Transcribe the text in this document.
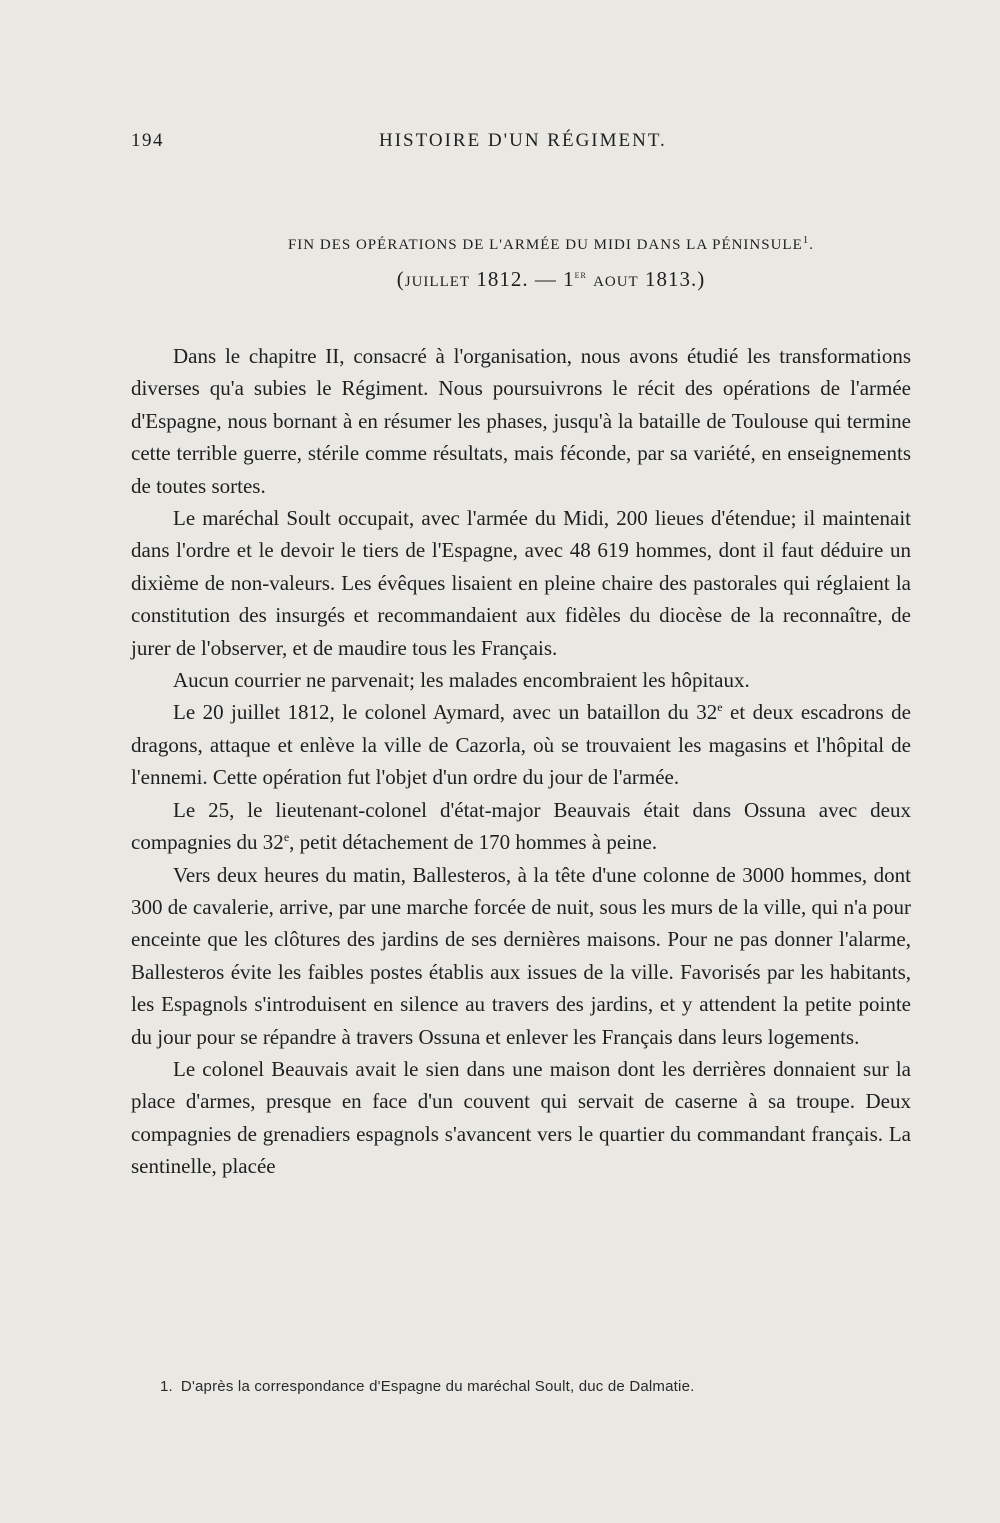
194	HISTOIRE D'UN RÉGIMENT.
FIN DES OPÉRATIONS DE L'ARMÉE DU MIDI DANS LA PÉNINSULE$^1$.
(juillet 1812. — 1er aout 1813.)

Dans le chapitre II, consacré à l'organisation, nous avons étudié les transformations diverses qu'a subies le Régiment. Nous poursuivrons le récit des opérations de l'armée d'Espagne, nous bornant à en résumer les phases, jusqu'à la bataille de Toulouse qui termine cette terrible guerre, stérile comme résultats, mais féconde, par sa variété, en enseignements de toutes sortes.

Le maréchal Soult occupait, avec l'armée du Midi, 200 lieues d'étendue; il maintenait dans l'ordre et le devoir le tiers de l'Espagne, avec 48 619 hommes, dont il faut déduire un dixième de non-valeurs. Les évêques lisaient en pleine chaire des pastorales qui réglaient la constitution des insurgés et recommandaient aux fidèles du diocèse de la reconnaître, de jurer de l'observer, et de maudire tous les Français.

Aucun courrier ne parvenait; les malades encombraient les hôpitaux.

Le 20 juillet 1812, le colonel Aymard, avec un bataillon du 32e et deux escadrons de dragons, attaque et enlève la ville de Cazorla, où se trouvaient les magasins et l'hôpital de l'ennemi. Cette opération fut l'objet d'un ordre du jour de l'armée.

Le 25, le lieutenant-colonel d'état-major Beauvais était dans Ossuna avec deux compagnies du 32e, petit détachement de 170 hommes à peine.

Vers deux heures du matin, Ballesteros, à la tête d'une colonne de 3000 hommes, dont 300 de cavalerie, arrive, par une marche forcée de nuit, sous les murs de la ville, qui n'a pour enceinte que les clôtures des jardins de ses dernières maisons. Pour ne pas donner l'alarme, Ballesteros évite les faibles postes établis aux issues de la ville. Favorisés par les habitants, les Espagnols s'introduisent en silence au travers des jardins, et y attendent la petite pointe du jour pour se répandre à travers Ossuna et enlever les Français dans leurs logements.

Le colonel Beauvais avait le sien dans une maison dont les derrières donnaient sur la place d'armes, presque en face d'un couvent qui servait de caserne à sa troupe. Deux compagnies de grenadiers espagnols s'avancent vers le quartier du commandant français. La sentinelle, placée

1. D'après la correspondance d'Espagne du maréchal Soult, duc de Dalmatie.
